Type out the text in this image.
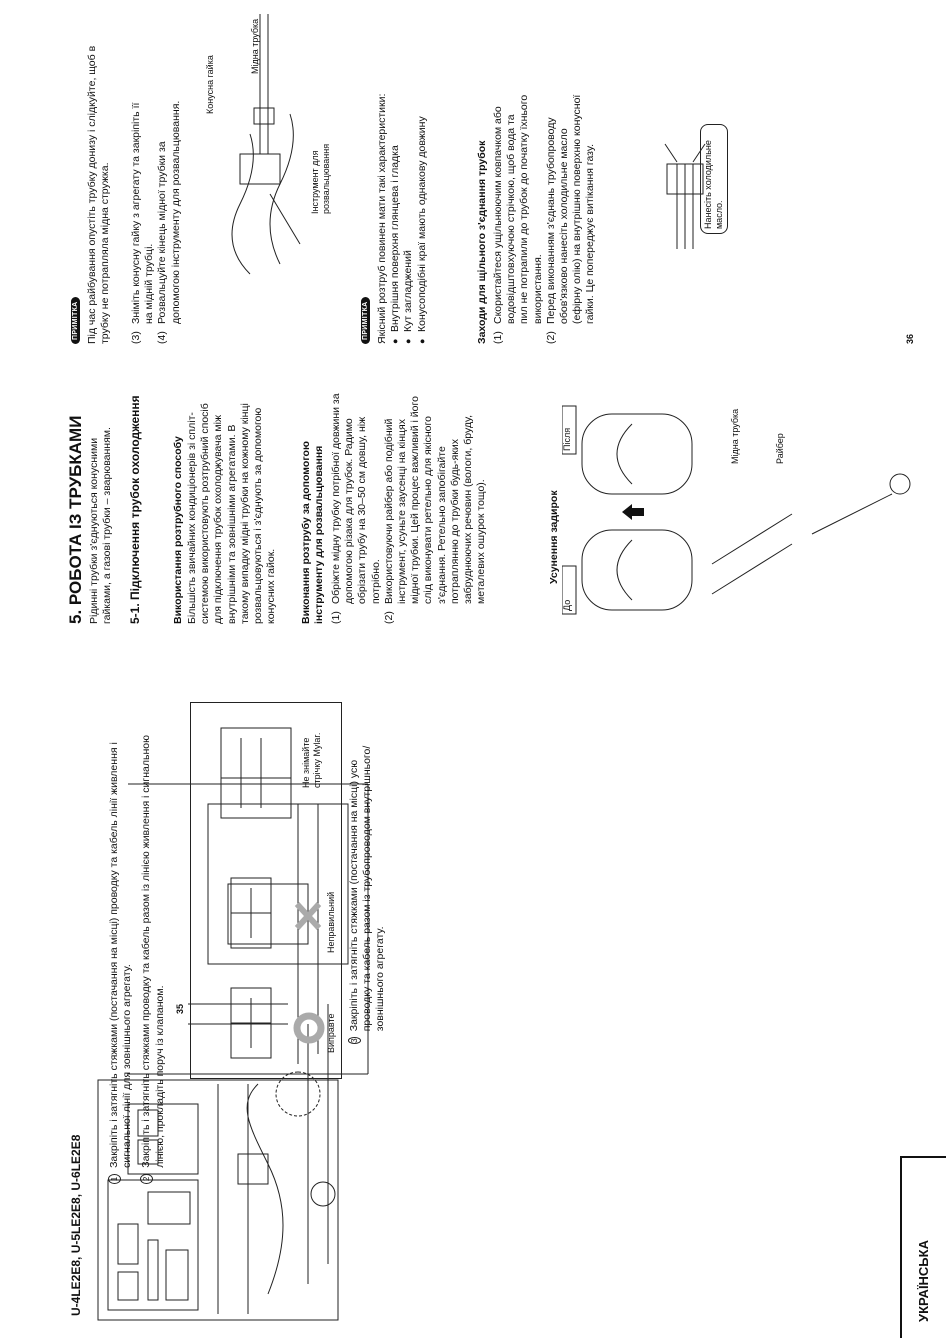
U-4LE2E8, U-5LE2E8, U-6LE2E8	1
Закріпіть і затягніть стяжками (постачання на місці) проводку та кабель лінії живлення і сигнальної лінії для зовнішнього агрегату.
2
Закріпіть і затягніть стяжками проводку та кабель разом із лінією живлення і сигнальною лінією, прокладіть поруч із клапаном.	Виправте
Неправильний
Не знімайте стрічку Mylar.
3
Закріпіть і затягніть стяжками (постачання на місці) усю проводку та кабель разом із трубопроводом внутрішнього/зовнішнього агрегату.
35
5. РОБОТА ІЗ ТРУБКАМИ Рідинні трубки з'єднуються конусними гайками, а газові трубки – зварюванням. 5-1. Підключення трубок охолодження	Використання розтрубного способу Більшість звичайних кондиціонерів зі спліт-системою використовують розтрубний спосіб для підключення трубок охолоджувача між внутрішніми та зовнішніми агрегатами. В такому випадку мідні трубки на кожному кінці розвальцовуються і з'єднують за допомогою конусних гайок. Виконання розтрубу за допомогою інструменту для розвальцювання (1)
Обріжте мідну трубку потрібної довжини за допомогою різака для трубок. Радимо обрізати трубу на 30–50 см довшу, ніж потрібно.
(2)
Використовуючи райбер або подібний інструмент, усуньте заусенці на кінцях мідної трубки. Цей процес важливий і його слід виконувати ретельно для якісного з'єднання. Ретельно запобігайте потраплянню до трубки будь-яких забруднюючих речовин (вологи, бруду, металевих ошурок тощо).	Усунення задирок
До
Після	Мідна трубка	Райбер
36
ПРИМІТКА Під час райбування опустіть трубку донизу і слідкуйте, щоб в трубку не потрапляла мідна стружка. (3)
Зніміть конусну гайку з агрегату та закріпіть її на мідній трубці.
(4)
Розвальцуйте кінець мідної трубки за допомогою інструменту для розвальцювання.
Конусна гайка
Мідна трубка
Інструмент для розвальцювання
ПРИМІТКА Якісний розтруб повинен мати такі характеристики: ● Внутрішня поверхня глянцева і гладка ● Кут загладжений ● Конусоподібні краї мають однакову довжину	Заходи для щільного з'єднання трубок (1)
Скористайтеся ущільнюючим ковпачком або водовідштовхуючою стрічкою, щоб вода та пил не потрапили до трубок до початку їхнього використання.
(2)
Перед виконанням з'єднань трубопроводу обов'язково нанесіть холодильне масло (ефірну олію) на внутрішню поверхню конусної гайки. Це попереджує витікання газу.	Нанесіть холодильне масло.
УКРАЇНСЬКА
